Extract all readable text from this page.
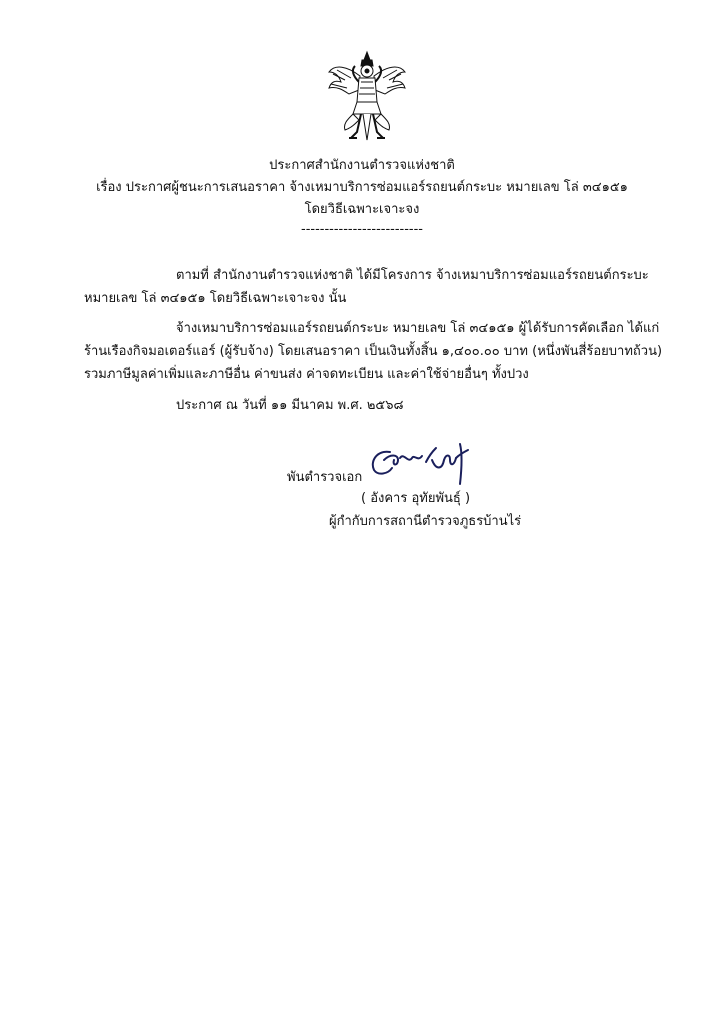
ประกาศสำนักงานตำรวจแห่งชาติ
เรื่อง ประกาศผู้ชนะการเสนอราคา จ้างเหมาบริการซ่อมแอร์รถยนต์กระบะ หมายเลข โล่ ๓๔๑๕๑
โดยวิธีเฉพาะเจาะจง
--------------------------
ตามที่ สำนักงานตำรวจแห่งชาติ ได้มีโครงการ จ้างเหมาบริการซ่อมแอร์รถยนต์กระบะ
หมายเลข โล่ ๓๔๑๕๑ โดยวิธีเฉพาะเจาะจง นั้น
จ้างเหมาบริการซ่อมแอร์รถยนต์กระบะ หมายเลข โล่ ๓๔๑๕๑ ผู้ได้รับการคัดเลือก ได้แก่
ร้านเรืองกิจมอเตอร์แอร์ (ผู้รับจ้าง) โดยเสนอราคา เป็นเงินทั้งสิ้น ๑,๔๐๐.๐๐ บาท (หนึ่งพันสี่ร้อยบาทถ้วน)
รวมภาษีมูลค่าเพิ่มและภาษีอื่น ค่าขนส่ง ค่าจดทะเบียน และค่าใช้จ่ายอื่นๆ ทั้งปวง
ประกาศ ณ วันที่ ๑๑ มีนาคม พ.ศ. ๒๕๖๘
พันตำรวจเอก
( อังคาร อุทัยพันธุ์ )
ผู้กำกับการสถานีตำรวจภูธรบ้านไร่
